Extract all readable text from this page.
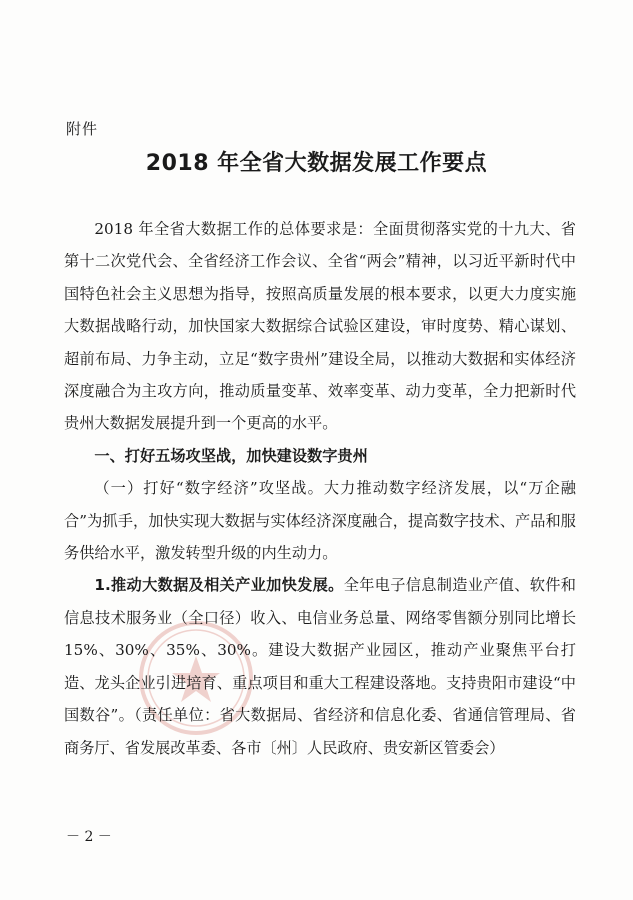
附件
2018 年全省大数据发展工作要点

2018 年全省大数据工作的总体要求是：全面贯彻落实党的十九大、省第十二次党代会、全省经济工作会议、全省“两会”精神，以习近平新时代中国特色社会主义思想为指导，按照高质量发展的根本要求，以更大力度实施大数据战略行动，加快国家大数据综合试验区建设，审时度势、精心谋划、超前布局、力争主动，立足“数字贵州”建设全局，以推动大数据和实体经济深度融合为主攻方向，推动质量变革、效率变革、动力变革，全力把新时代贵州大数据发展提升到一个更高的水平。

一、打好五场攻坚战，加快建设数字贵州

（一）打好“数字经济”攻坚战。大力推动数字经济发展，以“万企融合”为抓手，加快实现大数据与实体经济深度融合，提高数字技术、产品和服务供给水平，激发转型升级的内生动力。

1.推动大数据及相关产业加快发展。全年电子信息制造业产值、软件和信息技术服务业（全口径）收入、电信业务总量、网络零售额分别同比增长 15%、30%、35%、30%。建设大数据产业园区，推动产业聚焦平台打造、龙头企业引进培育、重点项目和重大工程建设落地。支持贵阳市建设“中国数谷”。（责任单位：省大数据局、省经济和信息化委、省通信管理局、省商务厅、省发展改革委、各市〔州〕人民政府、贵安新区管委会）

－ 2 －
